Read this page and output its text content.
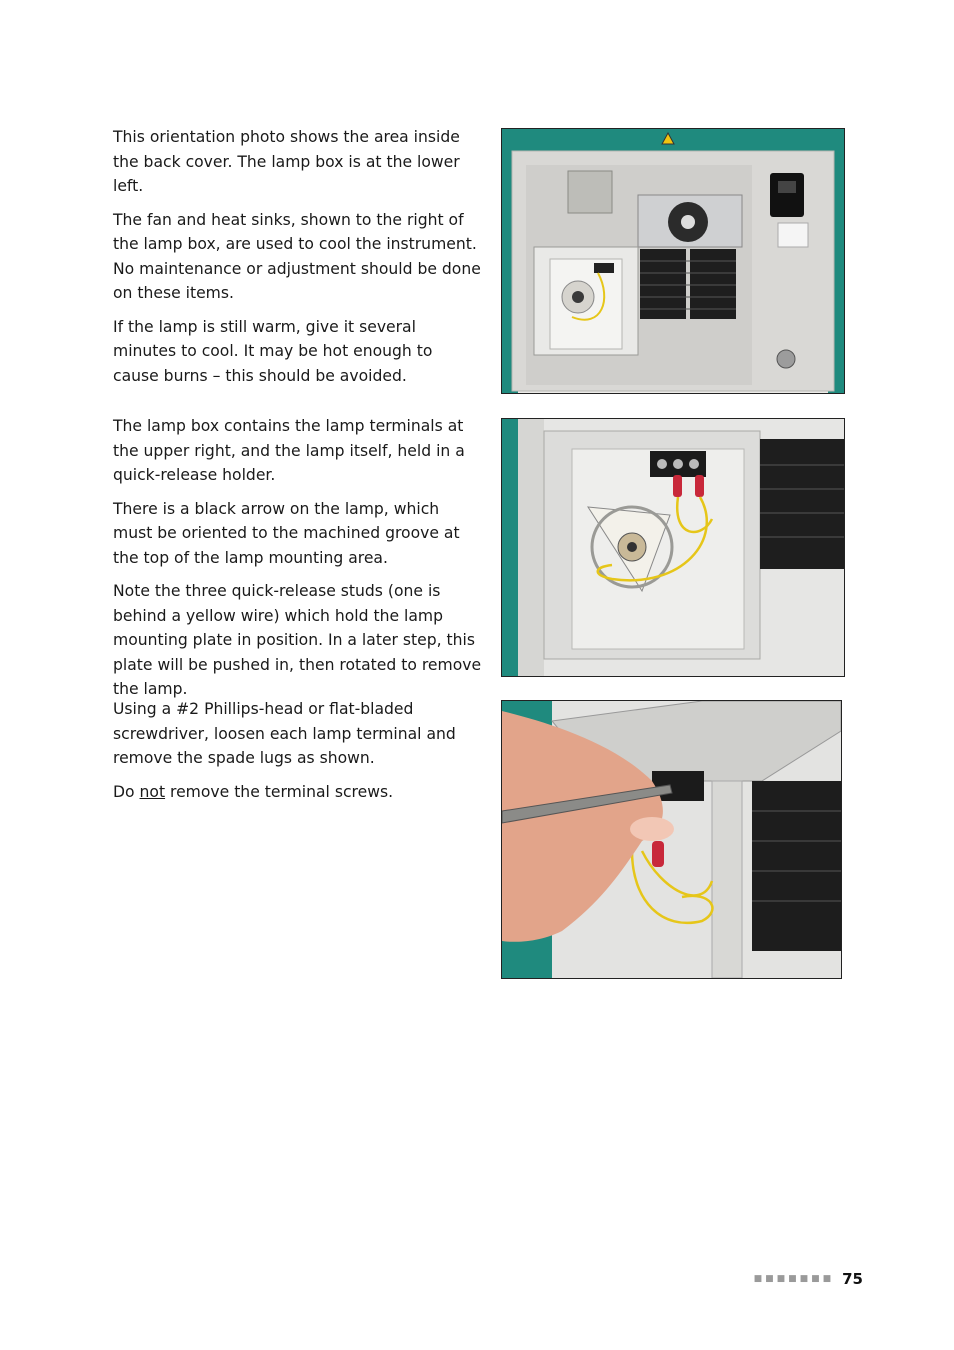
This orientation photo shows the area inside the back cover. The lamp box is at the lower left.

The fan and heat sinks, shown to the right of the lamp box, are used to cool the instrument. No maintenance or adjustment should be done on these items.

If the lamp is still warm, give it several minutes to cool. It may be hot enough to cause burns – this should be avoided.

The lamp box contains the lamp terminals at the upper right, and the lamp itself, held in a quick-release holder.

There is a black arrow on the lamp, which must be oriented to the machined groove at the top of the lamp mounting area.

Note the three quick-release studs (one is behind a yellow wire) which hold the lamp mounting plate in position. In a later step, this plate will be pushed in, then rotated to remove the lamp.

Using a #2 Phillips-head or flat-bladed screwdriver, loosen each lamp terminal and remove the spade lugs as shown.

Do not remove the terminal screws.

■■■■■■■ 75
